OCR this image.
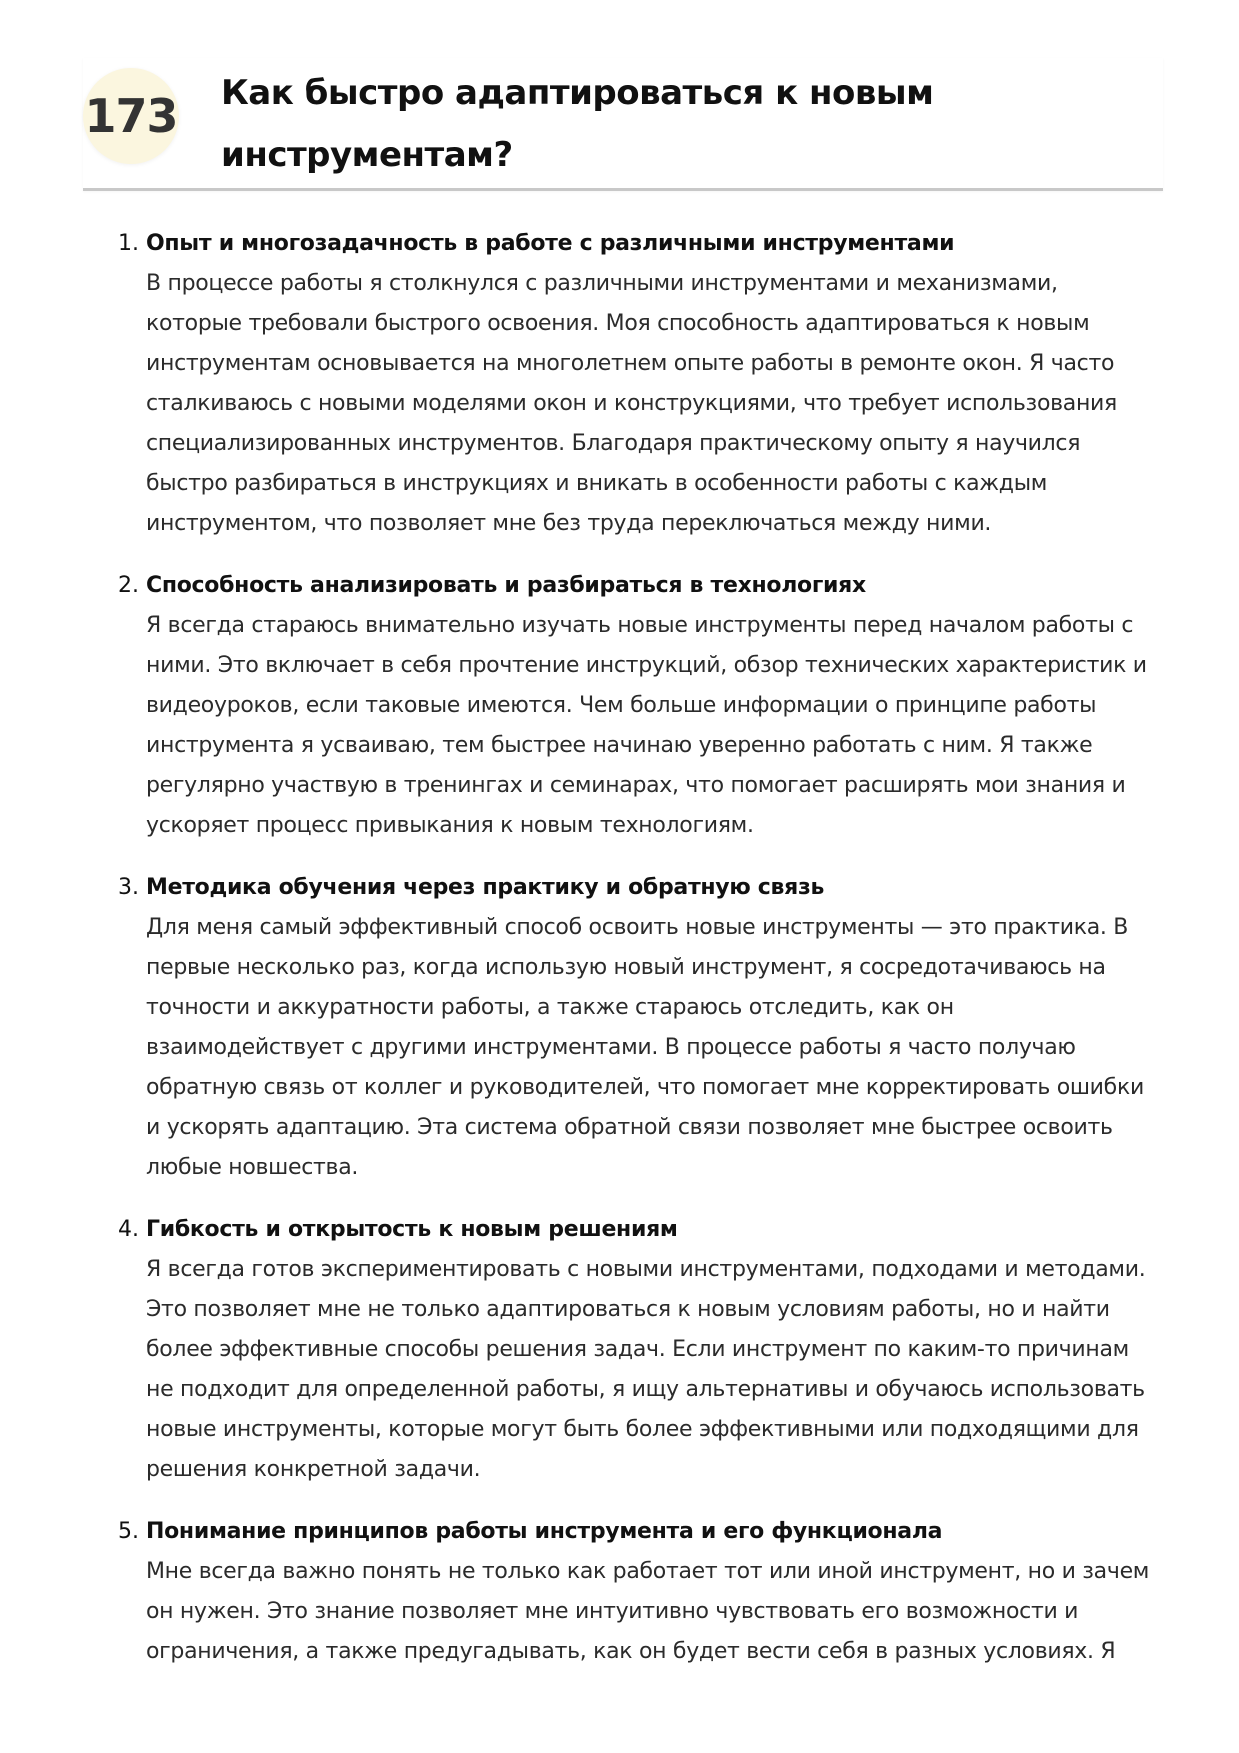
173 Как быстро адаптироваться к новым инструментам?
1. Опыт и многозадачность в работе с различными инструментами
В процессе работы я столкнулся с различными инструментами и механизмами, которые требовали быстрого освоения. Моя способность адаптироваться к новым инструментам основывается на многолетнем опыте работы в ремонте окон. Я часто сталкиваюсь с новыми моделями окон и конструкциями, что требует использования специализированных инструментов. Благодаря практическому опыту я научился быстро разбираться в инструкциях и вникать в особенности работы с каждым инструментом, что позволяет мне без труда переключаться между ними.
2. Способность анализировать и разбираться в технологиях
Я всегда стараюсь внимательно изучать новые инструменты перед началом работы с ними. Это включает в себя прочтение инструкций, обзор технических характеристик и видеоуроков, если таковые имеются. Чем больше информации о принципе работы инструмента я усваиваю, тем быстрее начинаю уверенно работать с ним. Я также регулярно участвую в тренингах и семинарах, что помогает расширять мои знания и ускоряет процесс привыкания к новым технологиям.
3. Методика обучения через практику и обратную связь
Для меня самый эффективный способ освоить новые инструменты — это практика. В первые несколько раз, когда использую новый инструмент, я сосредотачиваюсь на точности и аккуратности работы, а также стараюсь отследить, как он взаимодействует с другими инструментами. В процессе работы я часто получаю обратную связь от коллег и руководителей, что помогает мне корректировать ошибки и ускорять адаптацию. Эта система обратной связи позволяет мне быстрее освоить любые новшества.
4. Гибкость и открытость к новым решениям
Я всегда готов экспериментировать с новыми инструментами, подходами и методами. Это позволяет мне не только адаптироваться к новым условиям работы, но и найти более эффективные способы решения задач. Если инструмент по каким-то причинам не подходит для определенной работы, я ищу альтернативы и обучаюсь использовать новые инструменты, которые могут быть более эффективными или подходящими для решения конкретной задачи.
5. Понимание принципов работы инструмента и его функционала
Мне всегда важно понять не только как работает тот или иной инструмент, но и зачем он нужен. Это знание позволяет мне интуитивно чувствовать его возможности и ограничения, а также предугадывать, как он будет вести себя в разных условиях. Я
